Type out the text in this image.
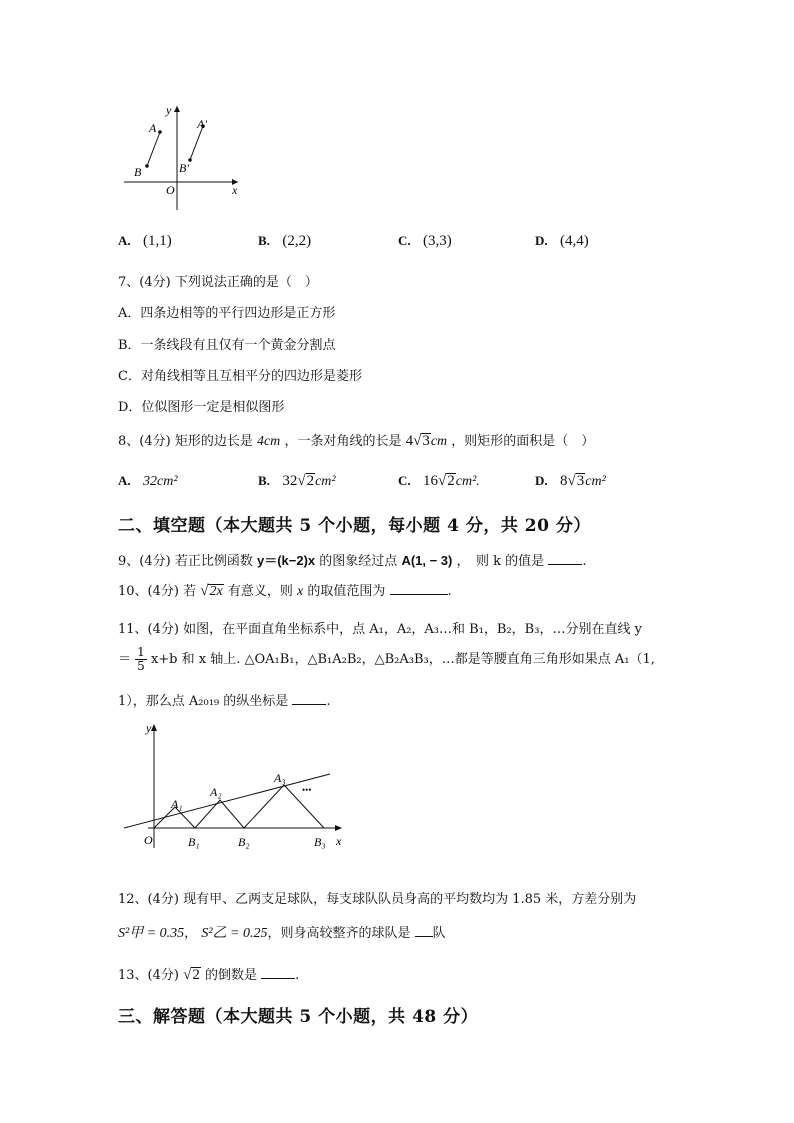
y
x
O
A
B
A'
B'
A. (1,1)	B. (2,2)	C. (3,3)	D. (4,4)
7、(4分) 下列说法正确的是（　）
A．四条边相等的平行四边形是正方形
B．一条线段有且仅有一个黄金分割点
C．对角线相等且互相平分的四边形是菱形
D．位似图形一定是相似图形
8、(4分) 矩形的边长是 4cm ，一条对角线的长是 4√3cm ，则矩形的面积是（　）
A. 32cm²	B. 32√2cm²	C. 16√2cm².	D. 8√3cm²
二、填空题（本大题共 5 个小题，每小题 4 分，共 20 分）
9、(4分) 若正比例函数 y＝(k−2)x 的图象经过点 A(1, − 3) ，　则 k 的值是	.
10、(4分) 若 √2x 有意义，则 x 的取值范围为	.
11、(4分) 如图，在平面直角坐标系中，点 A₁，A₂，A₃…和 B₁，B₂，B₃，…分别在直线 y
＝ $\frac{1}{5} x+b$ 和 x 轴上. △OA₁B₁，△B₁A₂B₂，△B₂A₃B₃，…都是等腰直角三角形如果点 A₁（1,
1），那么点 A₂₀₁₉ 的纵坐标是	.
y
x
O
A₁
A₂
A₃
B₁	B₂	B₃
•••
12、(4分) 现有甲、乙两支足球队，每支球队队员身高的平均数均为 1.85 米，方差分别为
S²甲 = 0.35， S²乙 = 0.25，则身高较整齐的球队是 队
13、(4分) √2 的倒数是	.
三、解答题（本大题共 5 个小题，共 48 分）
